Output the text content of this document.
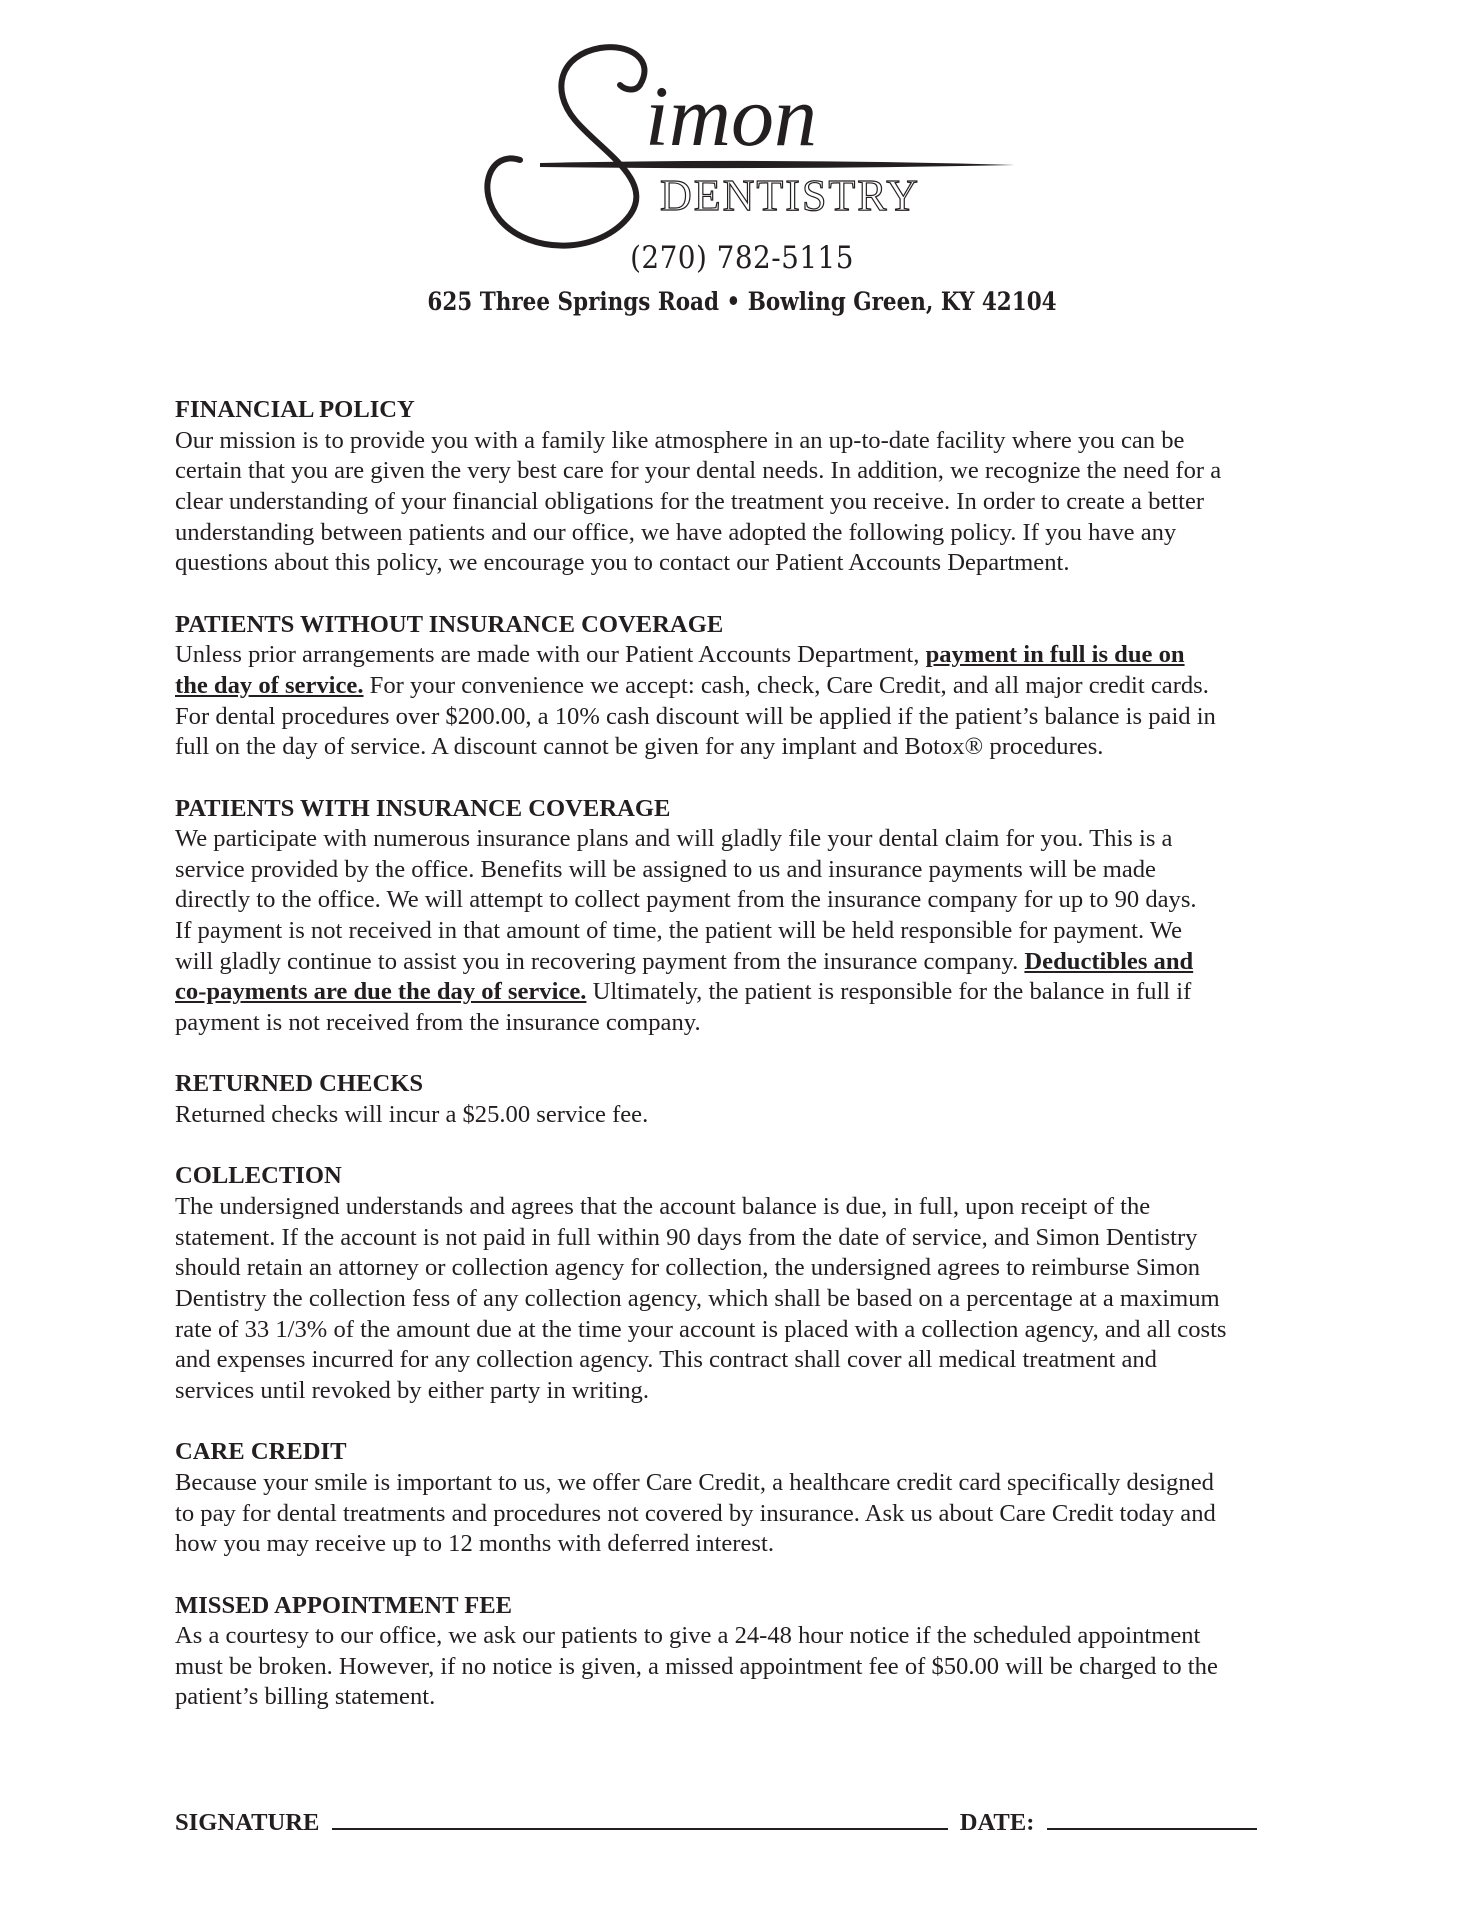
imon
DENTISTRY
(270) 782-5115
625 Three Springs Road • Bowling Green, KY 42104
FINANCIAL POLICY
Our mission is to provide you with a family like atmosphere in an up-to-date facility where you can be
certain that you are given the very best care for your dental needs. In addition, we recognize the need for a
clear understanding of your financial obligations for the treatment you receive. In order to create a better
understanding between patients and our office, we have adopted the following policy. If you have any
questions about this policy, we encourage you to contact our Patient Accounts Department.
PATIENTS WITHOUT INSURANCE COVERAGE
Unless prior arrangements are made with our Patient Accounts Department, payment in full is due on
the day of service. For your convenience we accept: cash, check, Care Credit, and all major credit cards.
For dental procedures over $200.00, a 10% cash discount will be applied if the patient’s balance is paid in
full on the day of service. A discount cannot be given for any implant and Botox® procedures.
PATIENTS WITH INSURANCE COVERAGE
We participate with numerous insurance plans and will gladly file your dental claim for you. This is a
service provided by the office. Benefits will be assigned to us and insurance payments will be made
directly to the office. We will attempt to collect payment from the insurance company for up to 90 days.
If payment is not received in that amount of time, the patient will be held responsible for payment. We
will gladly continue to assist you in recovering payment from the insurance company. Deductibles and
co-payments are due the day of service. Ultimately, the patient is responsible for the balance in full if
payment is not received from the insurance company.
RETURNED CHECKS
Returned checks will incur a $25.00 service fee.
COLLECTION
The undersigned understands and agrees that the account balance is due, in full, upon receipt of the
statement. If the account is not paid in full within 90 days from the date of service, and Simon Dentistry
should retain an attorney or collection agency for collection, the undersigned agrees to reimburse Simon
Dentistry the collection fess of any collection agency, which shall be based on a percentage at a maximum
rate of 33 1/3% of the amount due at the time your account is placed with a collection agency, and all costs
and expenses incurred for any collection agency. This contract shall cover all medical treatment and
services until revoked by either party in writing.
CARE CREDIT
Because your smile is important to us, we offer Care Credit, a healthcare credit card specifically designed
to pay for dental treatments and procedures not covered by insurance. Ask us about Care Credit today and
how you may receive up to 12 months with deferred interest.
MISSED APPOINTMENT FEE
As a courtesy to our office, we ask our patients to give a 24-48 hour notice if the scheduled appointment
must be broken. However, if no notice is given, a missed appointment fee of $50.00 will be charged to the
patient’s billing statement.
SIGNATURE	DATE:
